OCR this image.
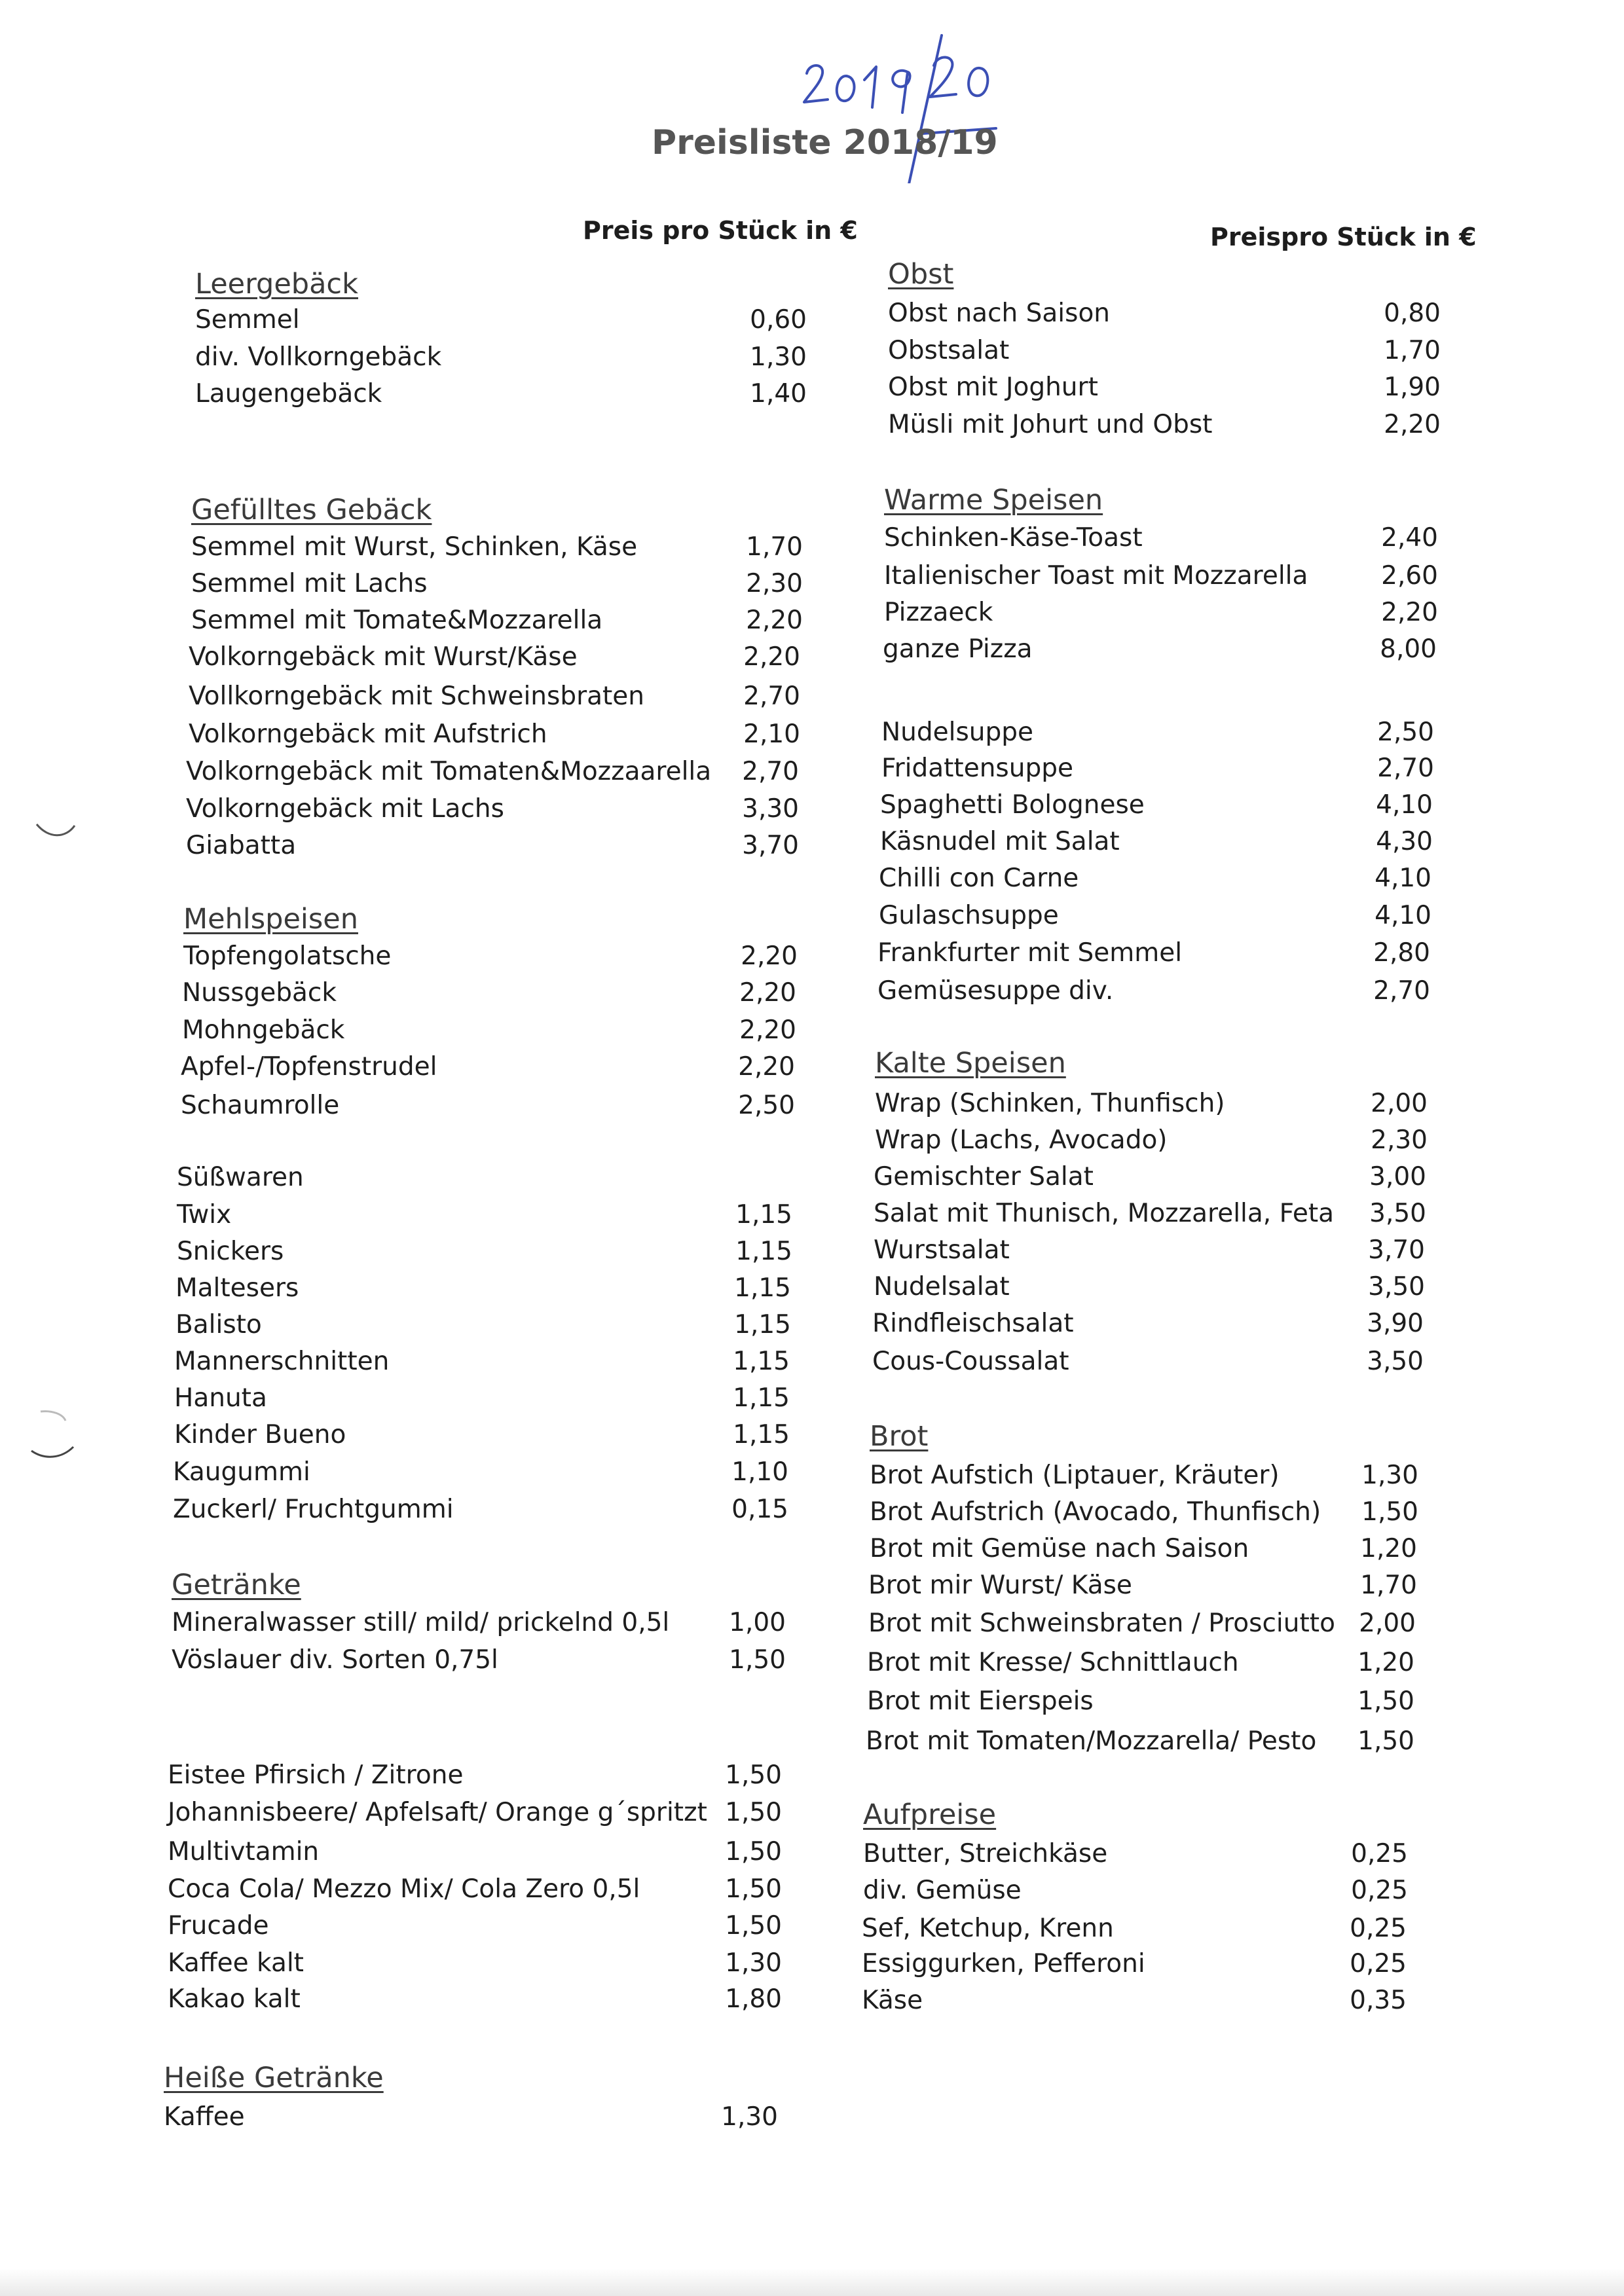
Preisliste 2018/19
Preis pro Stück in €	Preispro Stück in €
Leergebäck
Semmel	0,60
div. Vollkorngebäck	1,30
Laugengebäck	1,40
Gefülltes Gebäck
Semmel mit Wurst, Schinken, Käse	1,70
Semmel mit Lachs	2,30
Semmel mit Tomate&Mozzarella	2,20
Volkorngebäck mit Wurst/Käse	2,20
Vollkorngebäck mit Schweinsbraten	2,70
Volkorngebäck mit Aufstrich	2,10
Volkorngebäck mit Tomaten&Mozzaarella	2,70
Volkorngebäck mit Lachs	3,30
Giabatta	3,70
Mehlspeisen
Topfengolatsche	2,20
Nussgebäck	2,20
Mohngebäck	2,20
Apfel-/Topfenstrudel	2,20
Schaumrolle	2,50
Süßwaren
Twix	1,15
Snickers	1,15
Maltesers	1,15
Balisto	1,15
Mannerschnitten	1,15
Hanuta	1,15
Kinder Bueno	1,15
Kaugummi	1,10
Zuckerl/ Fruchtgummi	0,15
Getränke
Mineralwasser still/ mild/ prickelnd 0,5l	1,00
Vöslauer div. Sorten 0,75l	1,50
Eistee Pfirsich / Zitrone	1,50
Johannisbeere/ Apfelsaft/ Orange g´spritzt 1,50
Multivtamin	1,50
Coca Cola/ Mezzo Mix/ Cola Zero 0,5l	1,50
Frucade	1,50
Kaffee kalt	1,30
Kakao kalt	1,80
Heiße Getränke
Kaffee	1,30
Obst
Obst nach Saison	0,80
Obstsalat	1,70
Obst mit Joghurt	1,90
Müsli mit Johurt und Obst	2,20
Warme Speisen
Schinken-Käse-Toast	2,40
Italienischer Toast mit Mozzarella	2,60
Pizzaeck	2,20
ganze Pizza	8,00
Nudelsuppe	2,50
Fridattensuppe	2,70
Spaghetti Bolognese	4,10
Käsnudel mit Salat	4,30
Chilli con Carne	4,10
Gulaschsuppe	4,10
Frankfurter mit Semmel	2,80
Gemüsesuppe div.	2,70
Kalte Speisen
Wrap (Schinken, Thunfisch)	2,00
Wrap (Lachs, Avocado)	2,30
Gemischter Salat	3,00
Salat mit Thunisch, Mozzarella, Feta	3,50
Wurstsalat	3,70
Nudelsalat	3,50
Rindfleischsalat	3,90
Cous-Coussalat	3,50
Brot
Brot Aufstich (Liptauer, Kräuter)	1,30
Brot Aufstrich (Avocado, Thunfisch)	1,50
Brot mit Gemüse nach Saison	1,20
Brot mir Wurst/ Käse	1,70
Brot mit Schweinsbraten / Prosciutto 2,00
Brot mit Kresse/ Schnittlauch	1,20
Brot mit Eierspeis	1,50
Brot mit Tomaten/Mozzarella/ Pesto	1,50
Aufpreise
Butter, Streichkäse	0,25
div. Gemüse	0,25
Sef, Ketchup, Krenn	0,25
Essiggurken, Pefferoni	0,25
Käse	0,35
